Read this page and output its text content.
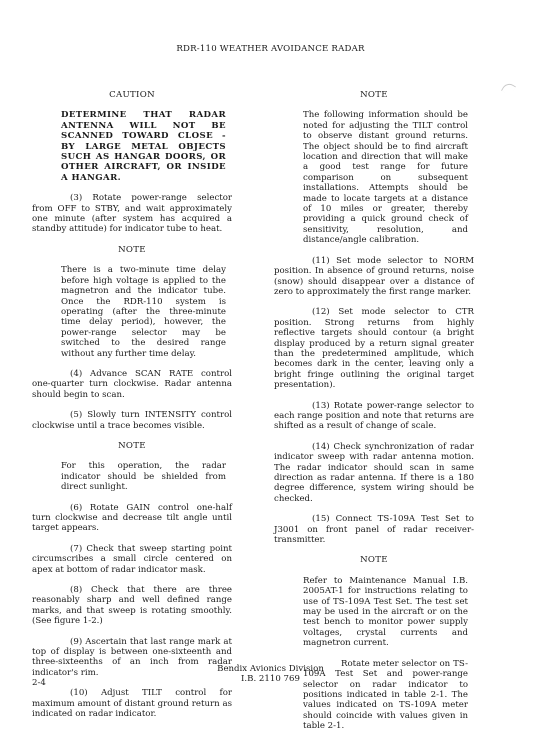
RDR-110 WEATHER AVOIDANCE RADAR
CAUTION

DETERMINE THAT RADAR ANTENNA WILL NOT BE SCANNED TOWARD CLOSE - BY LARGE METAL OBJECTS SUCH AS HANGAR DOORS, OR OTHER AIRCRAFT, OR INSIDE A HANGAR.

(3) Rotate power-range selector from OFF to STBY, and wait approximately one minute (after system has acquired a standby attitude) for indicator tube to heat.

NOTE

There is a two-minute time delay before high voltage is applied to the magnetron and the indicator tube. Once the RDR-110 system is operating (after the three-minute time delay period), however, the power-range selector may be switched to the desired range without any further time delay.

(4) Advance SCAN RATE control one-quarter turn clockwise. Radar antenna should begin to scan.

(5) Slowly turn INTENSITY control clockwise until a trace becomes visible.

NOTE

For this operation, the radar indicator should be shielded from direct sunlight.

(6) Rotate GAIN control one-half turn clockwise and decrease tilt angle until target appears.

(7) Check that sweep starting point circumscribes a small circle centered on apex at bottom of radar indicator mask.

(8) Check that there are three reasonably sharp and well defined range marks, and that sweep is rotating smoothly. (See figure 1-2.)

(9) Ascertain that last range mark at top of display is between one-sixteenth and three-sixteenths of an inch from radar indicator's rim.

(10) Adjust TILT control for maximum amount of distant ground return as indicated on radar indicator.

NOTE

The following information should be noted for adjusting the TILT control to observe distant ground returns. The object should be to find aircraft location and direction that will make a good test range for future comparison on subsequent installations. Attempts should be made to locate targets at a distance of 10 miles or greater, thereby providing a quick ground check of sensitivity, resolution, and distance/angle calibration.

(11) Set mode selector to NORM position. In absence of ground returns, noise (snow) should disappear over a distance of zero to approximately the first range marker.

(12) Set mode selector to CTR position. Strong returns from highly reflective targets should contour (a bright display produced by a return signal greater than the predetermined amplitude, which becomes dark in the center, leaving only a bright fringe outlining the original target presentation).

(13) Rotate power-range selector to each range position and note that returns are shifted as a result of change of scale.

(14) Check synchronization of radar indicator sweep with radar antenna motion. The radar indicator should scan in same direction as radar antenna. If there is a 180 degree difference, system wiring should be checked.

(15) Connect TS-109A Test Set to J3001 on front panel of radar receiver-transmitter.

NOTE

Refer to Maintenance Manual I.B. 2005AT-1 for instructions relating to use of TS-109A Test Set. The test set may be used in the aircraft or on the test bench to monitor power supply voltages, crystal currents and magnetron current.

Rotate meter selector on TS-109A Test Set and power-range selector on radar indicator to positions indicated in table 2-1. The values indicated on TS-109A meter should coincide with values given in table 2-1.

Bendix Avionics Division
I.B. 2110 769
2-4
